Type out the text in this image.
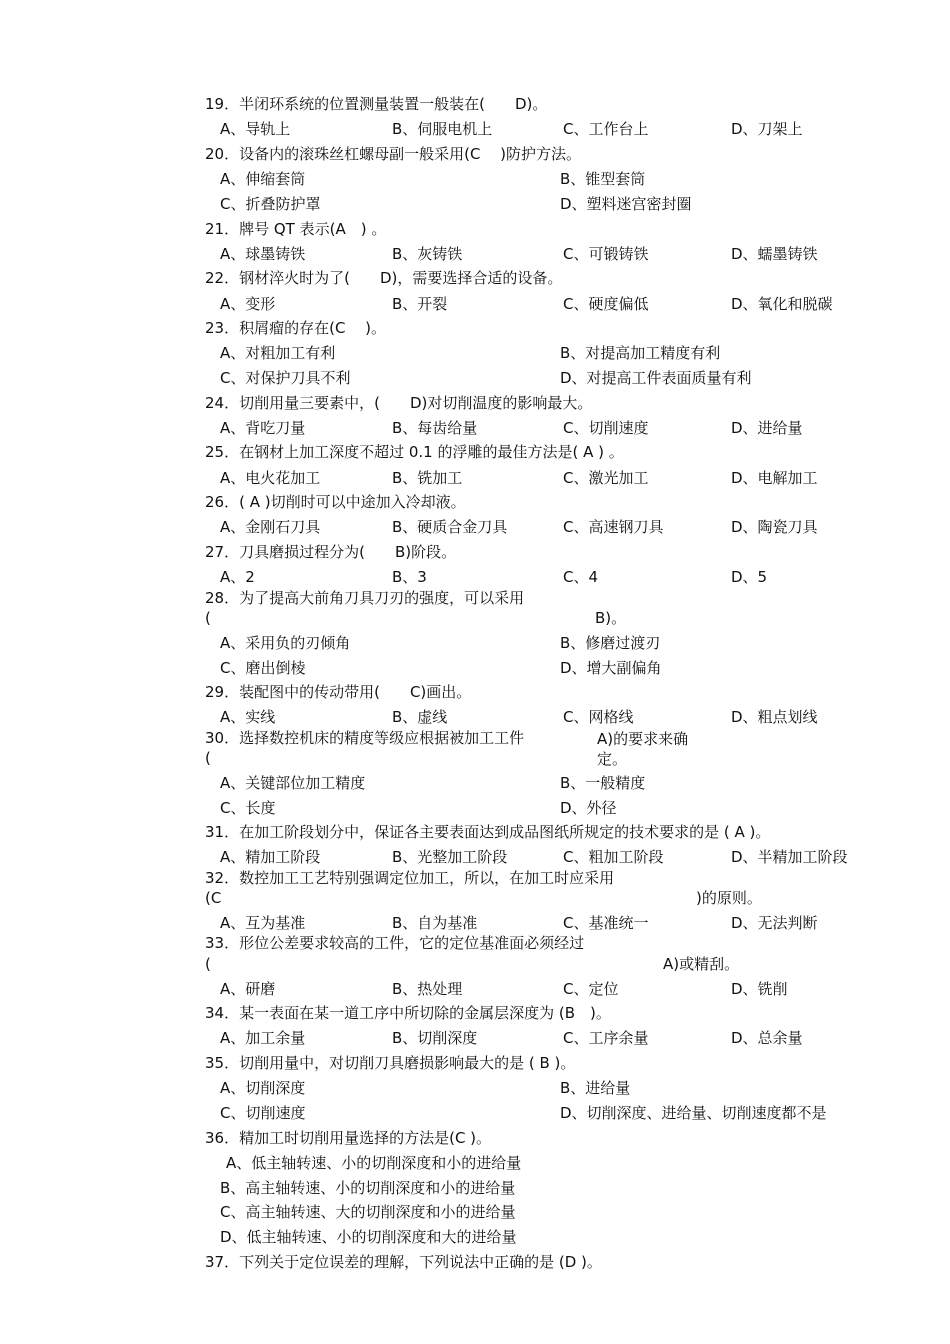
19．半闭环系统的位置测量装置一般装在(　　D)。
A、导轨上	B、伺服电机上	C、工作台上	D、刀架上
20．设备内的滚珠丝杠螺母副一般采用(C　 )防护方法。
A、伸缩套筒	B、锥型套筒
C、折叠防护罩	D、塑料迷宫密封圈
21．牌号 QT 表示(A　) 。
A、球墨铸铁	B、灰铸铁	C、可锻铸铁	D、蠕墨铸铁
22．钢材淬火时为了(　　D)，需要选择合适的设备。
A、变形	B、开裂	C、硬度偏低	D、氧化和脱碳
23．积屑瘤的存在(C　 )。
A、对粗加工有利	B、对提高加工精度有利
C、对保护刀具不利	D、对提高工件表面质量有利
24．切削用量三要素中，(　　D)对切削温度的影响最大。
A、背吃刀量	B、每齿给量	C、切削速度	D、进给量
25．在钢材上加工深度不超过 0.1 的浮雕的最佳方法是( A ) 。
A、电火花加工	B、铣加工	C、激光加工	D、电解加工
26．( A )切削时可以中途加入冷却液。
A、金刚石刀具	B、硬质合金刀具	C、高速钢刀具	D、陶瓷刀具
27．刀具磨损过程分为(　　B)阶段。
A、2	B、3	C、4	D、5
28．为了提高大前角刀具刀刃的强度，可以采用
(	B)。
A、采用负的刃倾角	B、修磨过渡刃
C、磨出倒棱	D、增大副偏角
29．装配图中的传动带用(　　C)画出。
A、实线	B、虚线	C、网格线	D、粗点划线
30．选择数控机床的精度等级应根据被加工工件
(
A)的要求来确
定。
A、关键部位加工精度	B、一般精度
C、长度	D、外径
31．在加工阶段划分中，保证各主要表面达到成品图纸所规定的技术要求的是 ( A )。
A、精加工阶段	B、光整加工阶段	C、粗加工阶段	D、半精加工阶段
32．数控加工工艺特别强调定位加工，所以，在加工时应采用
(C	)的原则。
A、互为基准	B、自为基准	C、基准统一	D、无法判断
33．形位公差要求较高的工件，它的定位基准面必须经过
(	A)或精刮。
A、研磨	B、热处理	C、定位	D、铣削
34．某一表面在某一道工序中所切除的金属层深度为 (B　)。
A、加工余量	B、切削深度	C、工序余量	D、总余量
35．切削用量中，对切削刀具磨损影响最大的是 ( B )。
A、切削深度	B、进给量
C、切削速度	D、切削深度、进给量、切削速度都不是
36．精加工时切削用量选择的方法是(C )。
A、低主轴转速、小的切削深度和小的进给量
B、高主轴转速、小的切削深度和小的进给量
C、高主轴转速、大的切削深度和小的进给量
D、低主轴转速、小的切削深度和大的进给量
37．下列关于定位误差的理解，下列说法中正确的是 (D )。
